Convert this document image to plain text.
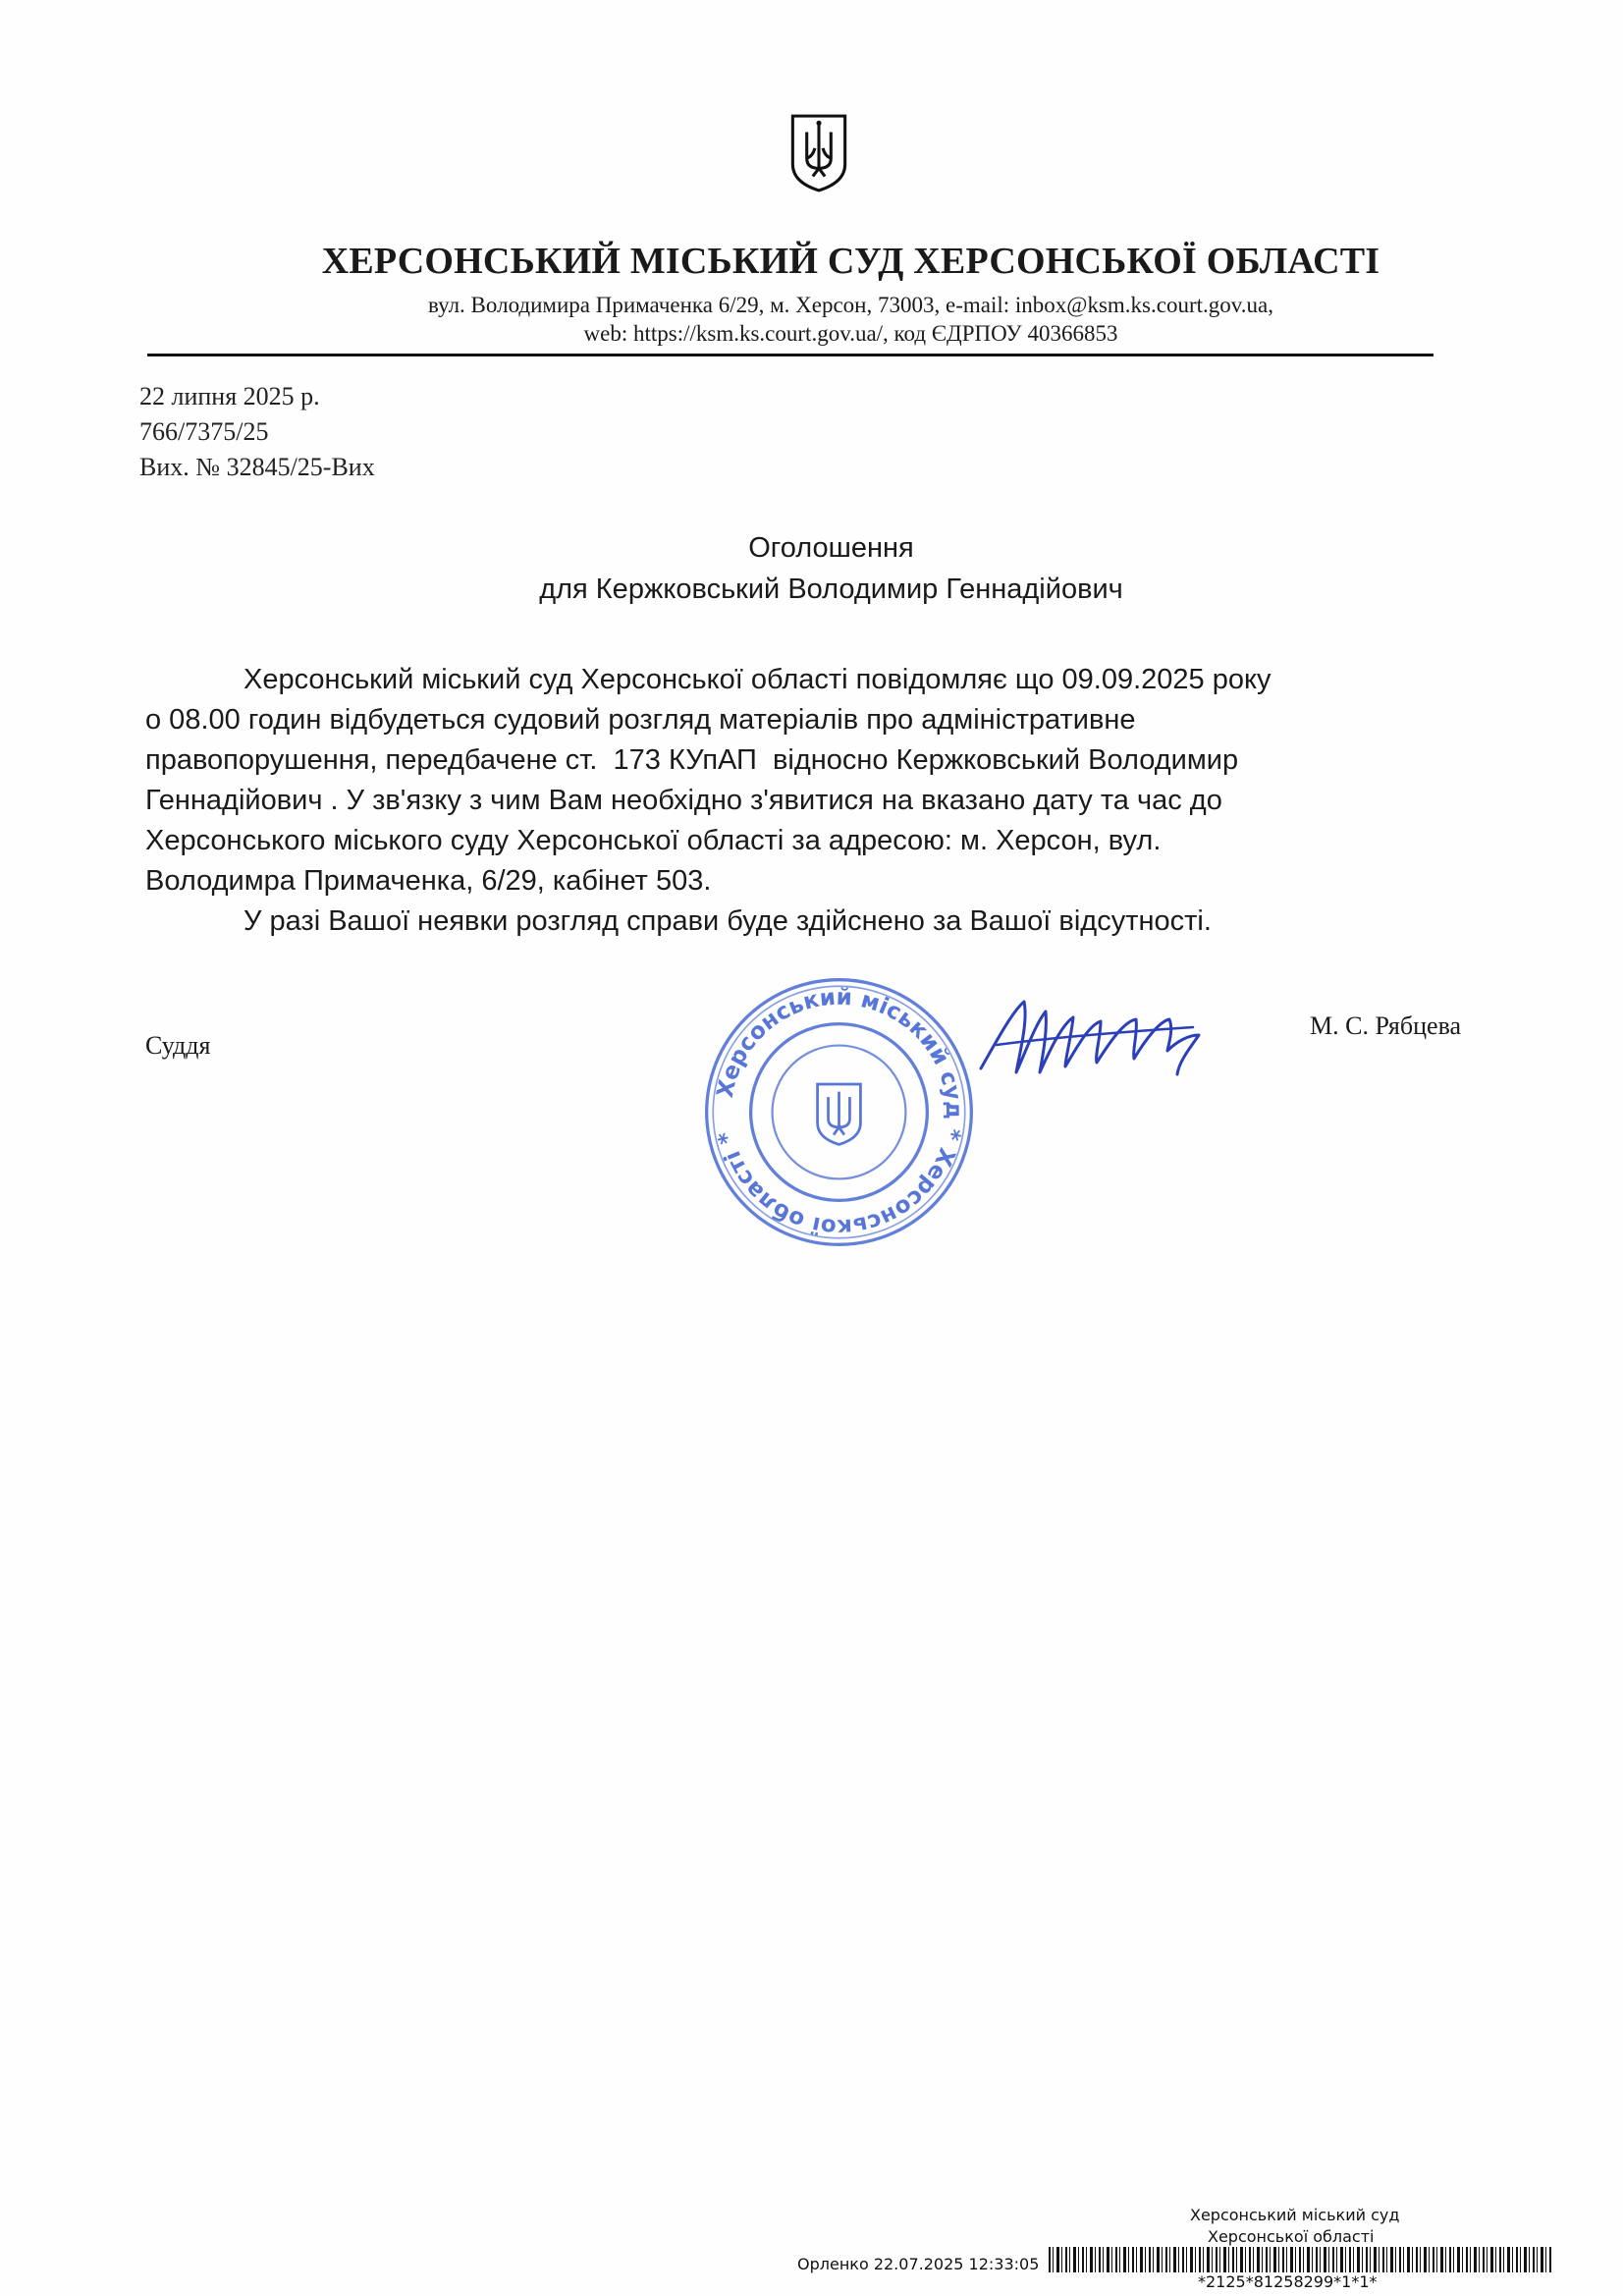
ХЕРСОНСЬКИЙ МІСЬКИЙ СУД ХЕРСОНСЬКОЇ ОБЛАСТІ
вул. Володимира Примаченка 6/29, м. Херсон, 73003, e-mail: inbox@ksm.ks.court.gov.ua,
web: https://ksm.ks.court.gov.ua/, код ЄДРПОУ 40366853
22 липня 2025 р.
766/7375/25
Вих. № 32845/25-Вих
Оголошення
для Кержковський Володимир Геннадійович
Херсонський міський суд Херсонської області повідомляє що 09.09.2025 року
о 08.00 годин відбудеться судовий розгляд матеріалів про адміністративне
правопорушення, передбачене ст.  173 КУпАП  відносно Кержковський Володимир
Геннадійович . У зв'язку з чим Вам необхідно з'явитися на вказано дату та час до
Херсонського міського суду Херсонської області за адресою: м. Херсон, вул.
Володимра Примаченка, 6/29, кабінет 503.
У разі Вашої неявки розгляд справи буде здійснено за Вашої відсутності.
Суддя
М. С. Рябцева
Херсонський міський суд * Херсонської області *
Херсонський міський суд
Херсонської області
Орленко 22.07.2025 12:33:05
*2125*81258299*1*1*
